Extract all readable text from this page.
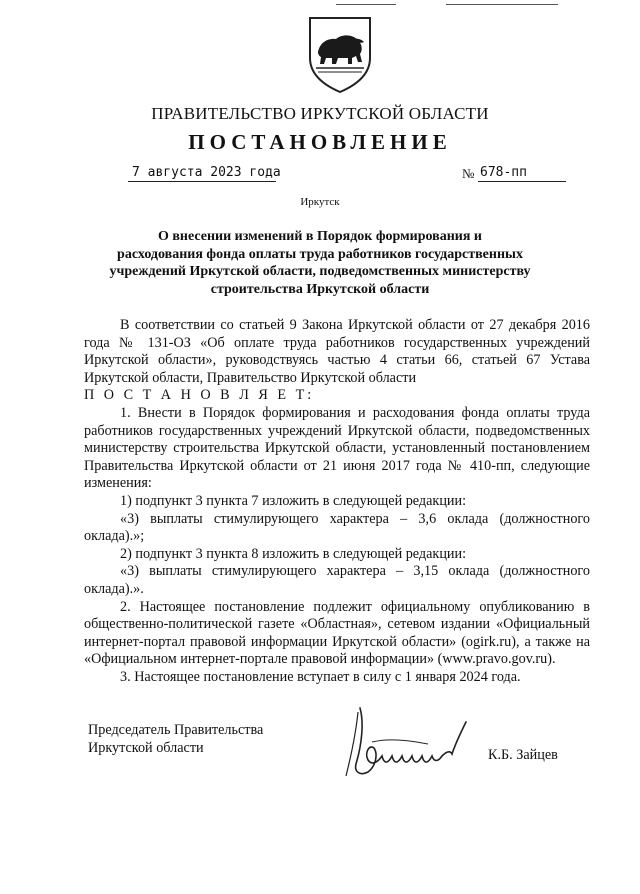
ПРАВИТЕЛЬСТВО ИРКУТСКОЙ ОБЛАСТИ
ПОСТАНОВЛЕНИЕ
7 августа 2023 года	№ 678-пп
Иркутск
О внесении изменений в Порядок формирования и
расходования фонда оплаты труда работников государственных
учреждений Иркутской области, подведомственных министерству
строительства Иркутской области

В соответствии со статьей 9 Закона Иркутской области от 27 декабря 2016 года № 131-ОЗ «Об оплате труда работников государственных учреждений Иркутской области», руководствуясь частью 4 статьи 66, статьей 67 Устава Иркутской области, Правительство Иркутской области

П О С Т А Н О В Л Я Е Т:

1. Внести в Порядок формирования и расходования фонда оплаты труда работников государственных учреждений Иркутской области, подведомственных министерству строительства Иркутской области, установленный постановлением Правительства Иркутской области от 21 июня 2017 года № 410-пп, следующие изменения:

1) подпункт 3 пункта 7 изложить в следующей редакции:

«3) выплаты стимулирующего характера – 3,6 оклада (должностного оклада).»;

2) подпункт 3 пункта 8 изложить в следующей редакции:

«3) выплаты стимулирующего характера – 3,15 оклада (должностного оклада).».

2. Настоящее постановление подлежит официальному опубликованию в общественно-политической газете «Областная», сетевом издании «Официальный интернет-портал правовой информации Иркутской области» (ogirk.ru), а также на «Официальном интернет-портале правовой информации» (www.pravo.gov.ru).

3. Настоящее постановление вступает в силу с 1 января 2024 года.

Председатель Правительства
Иркутской области	К.Б. Зайцев
